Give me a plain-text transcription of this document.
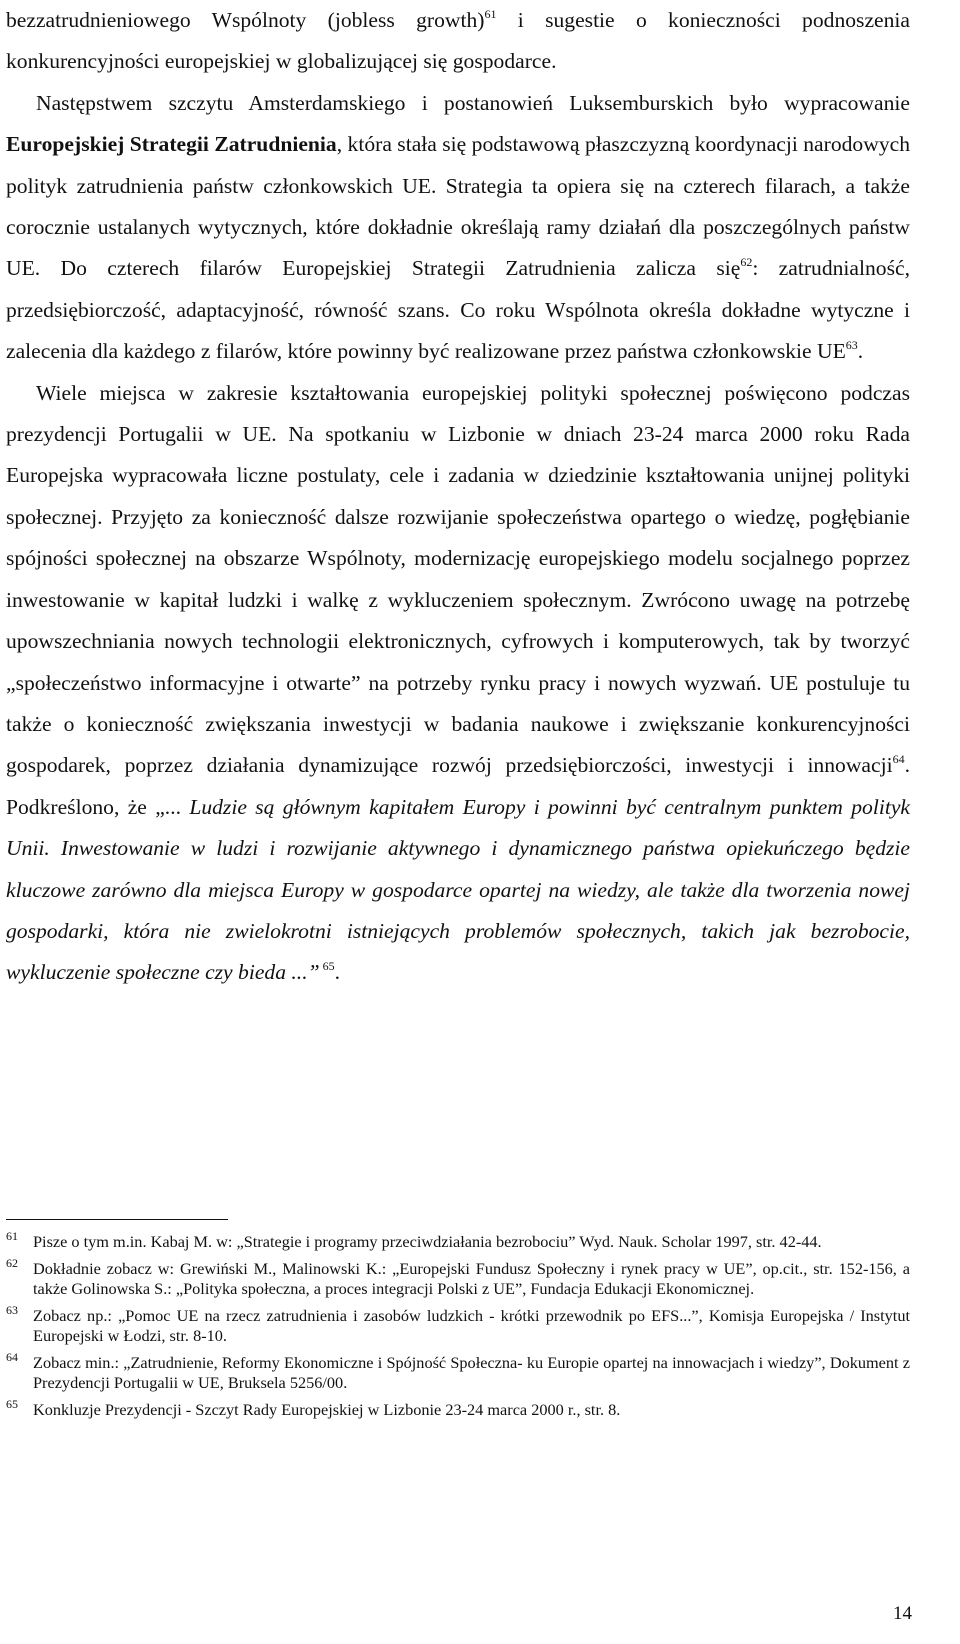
bezzatrudnieniowego Wspólnoty (jobless growth)$^{61}$ i sugestie o konieczności podnoszenia konkurencyjności europejskiej w globalizującej się gospodarce.

Następstwem szczytu Amsterdamskiego i postanowień Luksemburskich było wypracowanie Europejskiej Strategii Zatrudnienia, która stała się podstawową płaszczyzną koordynacji narodowych polityk zatrudnienia państw członkowskich UE. Strategia ta opiera się na czterech filarach, a także corocznie ustalanych wytycznych, które dokładnie określają ramy działań dla poszczególnych państw UE. Do czterech filarów Europejskiej Strategii Zatrudnienia zalicza się$^{62}$: zatrudnialność, przedsiębiorczość, adaptacyjność, równość szans. Co roku Wspólnota określa dokładne wytyczne i zalecenia dla każdego z filarów, które powinny być realizowane przez państwa członkowskie UE$^{63}$.

Wiele miejsca w zakresie kształtowania europejskiej polityki społecznej poświęcono podczas prezydencji Portugalii w UE. Na spotkaniu w Lizbonie w dniach 23-24 marca 2000 roku Rada Europejska wypracowała liczne postulaty, cele i zadania w dziedzinie kształtowania unijnej polityki społecznej. Przyjęto za konieczność dalsze rozwijanie społeczeństwa opartego o wiedzę, pogłębianie spójności społecznej na obszarze Wspólnoty, modernizację europejskiego modelu socjalnego poprzez inwestowanie w kapitał ludzki i walkę z wykluczeniem społecznym. Zwrócono uwagę na potrzebę upowszechniania nowych technologii elektronicznych, cyfrowych i komputerowych, tak by tworzyć „społeczeństwo informacyjne i otwarte” na potrzeby rynku pracy i nowych wyzwań. UE postuluje tu także o konieczność zwiększania inwestycji w badania naukowe i zwiększanie konkurencyjności gospodarek, poprzez działania dynamizujące rozwój przedsiębiorczości, inwestycji i innowacji$^{64}$. Podkreślono, że „... Ludzie są głównym kapitałem Europy i powinni być centralnym punktem polityk Unii. Inwestowanie w ludzi i rozwijanie aktywnego i dynamicznego państwa opiekuńczego będzie kluczowe zarówno dla miejsca Europy w gospodarce opartej na wiedzy, ale także dla tworzenia nowej gospodarki, która nie zwielokrotni istniejących problemów społecznych, takich jak bezrobocie, wykluczenie społeczne czy bieda ...” $^{65}$.

61 Pisze o tym m.in. Kabaj M. w: „Strategie i programy przeciwdziałania bezrobociu” Wyd. Nauk. Scholar 1997, str. 42-44.
62 Dokładnie zobacz w: Grewiński M., Malinowski K.: „Europejski Fundusz Społeczny i rynek pracy w UE”, op.cit., str. 152-156, a także Golinowska S.: „Polityka społeczna, a proces integracji Polski z UE”, Fundacja Edukacji Ekonomicznej.
63 Zobacz np.: „Pomoc UE na rzecz zatrudnienia i zasobów ludzkich - krótki przewodnik po EFS...”, Komisja Europejska / Instytut Europejski w Łodzi, str. 8-10.
64 Zobacz min.: „Zatrudnienie, Reformy Ekonomiczne i Spójność Społeczna- ku Europie opartej na innowacjach i wiedzy”, Dokument z Prezydencji Portugalii w UE, Bruksela 5256/00.
65 Konkluzje Prezydencji - Szczyt Rady Europejskiej w Lizbonie 23-24 marca 2000 r., str. 8.
14
